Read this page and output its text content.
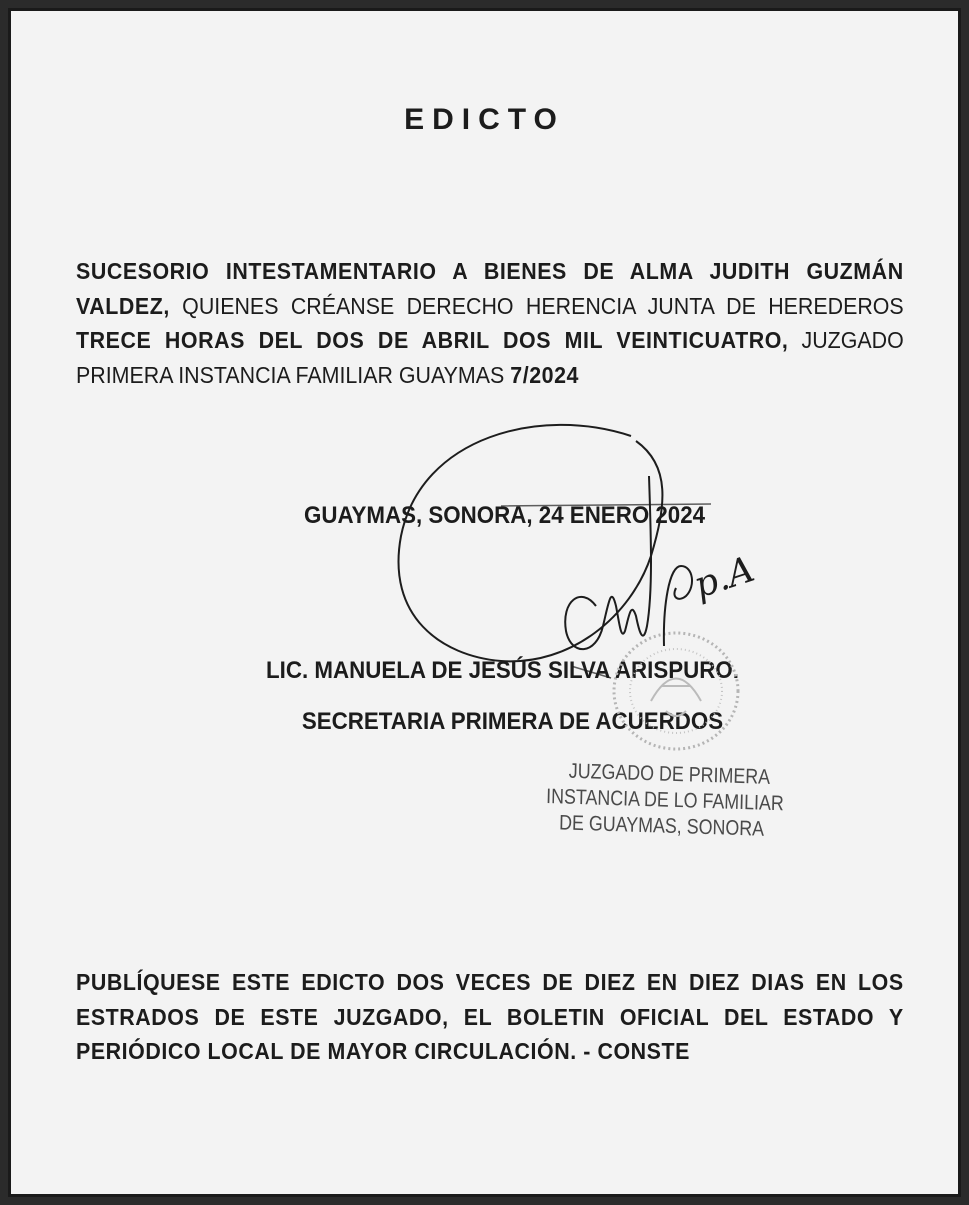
EDICTO

SUCESORIO INTESTAMENTARIO A BIENES DE ALMA JUDITH GUZMÁN VALDEZ, QUIENES CRÉANSE DERECHO HERENCIA JUNTA DE HEREDEROS TRECE HORAS DEL DOS DE ABRIL DOS MIL VEINTICUATRO, JUZGADO PRIMERA INSTANCIA FAMILIAR GUAYMAS 7/2024

GUAYMAS, SONORA, 24 ENERO 2024
LIC. MANUELA DE JESÚS SILVA ARISPURO.
SECRETARIA PRIMERA DE ACUERDOS
p.A
JUZGADO DE PRIMERA
INSTANCIA DE LO FAMILIAR
DE GUAYMAS, SONORA

PUBLÍQUESE ESTE EDICTO DOS VECES DE DIEZ EN DIEZ DIAS EN LOS ESTRADOS DE ESTE JUZGADO, EL BOLETIN OFICIAL DEL ESTADO Y PERIÓDICO LOCAL DE MAYOR CIRCULACIÓN. - CONSTE
